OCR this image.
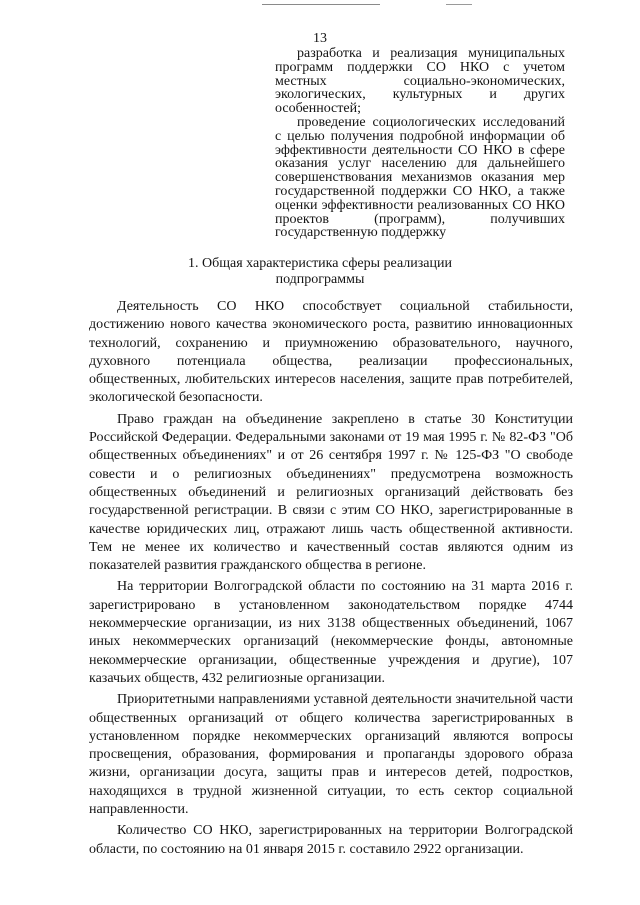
13

разработка и реализация муниципальных программ поддержки СО НКО с учетом местных социально-экономических, экологических, культурных и других особенностей;

проведение социологических исследований с целью получения подробной информации об эффективности деятельности СО НКО в сфере оказания услуг населению для дальнейшего совершенствования механизмов оказания мер государственной поддержки СО НКО, а также оценки эффективности реализованных СО НКО проектов (программ), получивших государственную поддержку

1. Общая характеристика сферы реализации
подпрограммы

Деятельность СО НКО способствует социальной стабильности, достижению нового качества экономического роста, развитию инновационных технологий, сохранению и приумножению образовательного, научного, духовного потенциала общества, реализации профессиональных, общественных, любительских интересов населения, защите прав потребителей, экологической безопасности.

Право граждан на объединение закреплено в статье 30 Конституции Российской Федерации. Федеральными законами от 19 мая 1995 г. № 82-ФЗ "Об общественных объединениях" и от 26 сентября 1997 г. № 125-ФЗ "О свободе совести и о религиозных объединениях" предусмотрена возможность общественных объединений и религиозных организаций действовать без государственной регистрации. В связи с этим СО НКО, зарегистрированные в качестве юридических лиц, отражают лишь часть общественной активности. Тем не менее их количество и качественный состав являются одним из показателей развития гражданского общества в регионе.

На территории Волгоградской области по состоянию на 31 марта 2016 г. зарегистрировано в установленном законодательством порядке 4744 некоммерческие организации, из них 3138 общественных объединений, 1067 иных некоммерческих организаций (некоммерческие фонды, автономные некоммерческие организации, общественные учреждения и другие), 107 казачьих обществ, 432 религиозные организации.

Приоритетными направлениями уставной деятельности значительной части общественных организаций от общего количества зарегистрированных в установленном порядке некоммерческих организаций являются вопросы просвещения, образования, формирования и пропаганды здорового образа жизни, организации досуга, защиты прав и интересов детей, подростков, находящихся в трудной жизненной ситуации, то есть сектор социальной направленности.

Количество СО НКО, зарегистрированных на территории Волгоградской области, по состоянию на 01 января 2015 г. составило 2922 организации.
